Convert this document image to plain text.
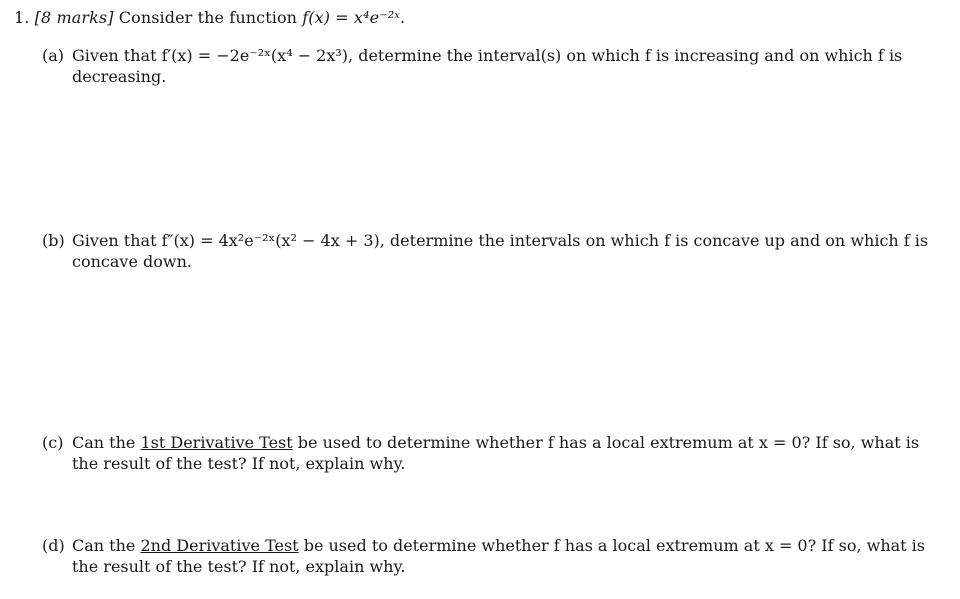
1. [8 marks] Consider the function f(x) = x⁴e⁻²ˣ.
(a) Given that f′(x) = −2e⁻²ˣ(x⁴ − 2x³), determine the interval(s) on which f is increasing and on which f is decreasing.
(b) Given that f″(x) = 4x²e⁻²ˣ(x² − 4x + 3), determine the intervals on which f is concave up and on which f is concave down.
(c) Can the 1st Derivative Test be used to determine whether f has a local extremum at x = 0? If so, what is the result of the test? If not, explain why.
(d) Can the 2nd Derivative Test be used to determine whether f has a local extremum at x = 0? If so, what is the result of the test? If not, explain why.
